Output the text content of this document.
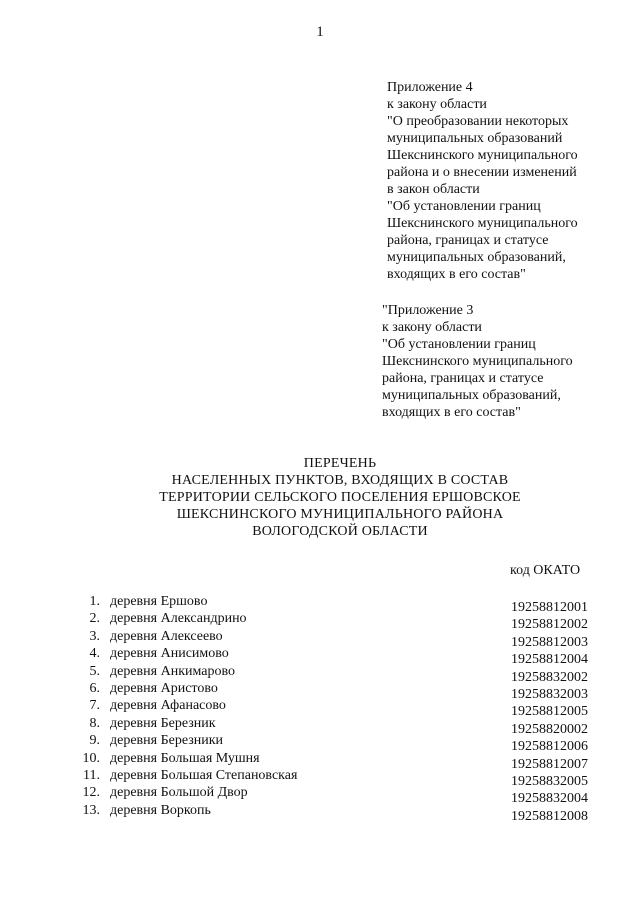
1
Приложение 4
к закону области
"О преобразовании некоторых
муниципальных образований
Шекснинского муниципального
района и о внесении изменений
в закон области
"Об установлении границ
Шекснинского муниципального
района, границах и статусе
муниципальных образований,
входящих в его состав"
"Приложение 3
к закону области
"Об установлении границ
Шекснинского муниципального
района, границах и статусе
муниципальных образований,
входящих в его состав"
ПЕРЕЧЕНЬ
НАСЕЛЕННЫХ ПУНКТОВ, ВХОДЯЩИХ В СОСТАВ
ТЕРРИТОРИИ СЕЛЬСКОГО ПОСЕЛЕНИЯ ЕРШОВСКОЕ
ШЕКСНИНСКОГО МУНИЦИПАЛЬНОГО РАЙОНА
ВОЛОГОДСКОЙ ОБЛАСТИ
код ОКАТО
1. деревня Ершово	19258812001
2. деревня Александрино	19258812002
3. деревня Алексеево	19258812003
4. деревня Анисимово	19258812004
5. деревня Анкимарово	19258832002
6. деревня Аристово	19258832003
7. деревня Афанасово	19258812005
8. деревня Березник	19258820002
9. деревня Березники	19258812006
10. деревня Большая Мушня	19258812007
11. деревня Большая Степановская	19258832005
12. деревня Большой Двор	19258832004
13. деревня Воркопь	19258812008
